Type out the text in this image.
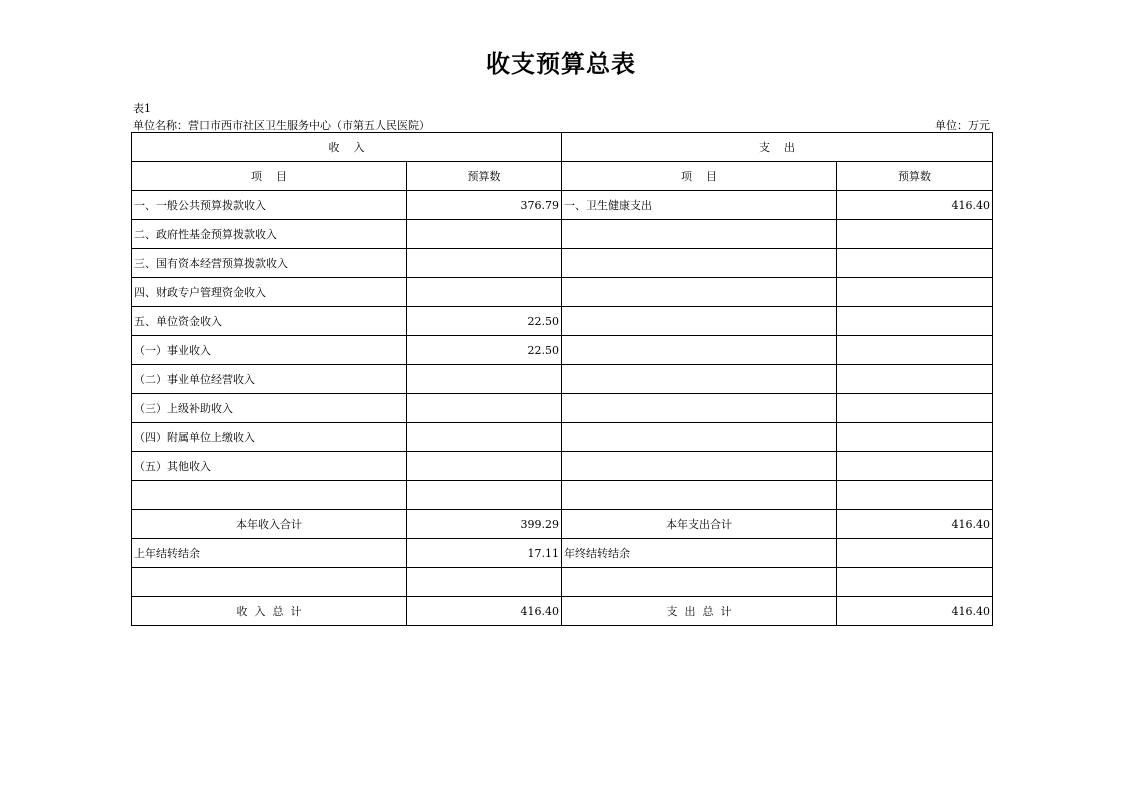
收支预算总表
表1
单位名称：营口市西市社区卫生服务中心（市第五人民医院）	单位：万元
收    入		支    出	
项    目	预算数	项    目	预算数
一、一般公共预算拨款收入	376.79	一、卫生健康支出	416.40
二、政府性基金预算拨款收入			
三、国有资本经营预算拨款收入			
四、财政专户管理资金收入			
五、单位资金收入	22.50		
（一）事业收入	22.50		
（二）事业单位经营收入			
（三）上级补助收入			
（四）附属单位上缴收入			
（五）其他收入			

本年收入合计	399.29	本年支出合计	416.40
上年结转结余	17.11	年终结转结余	

收  入  总  计	416.40	支  出  总  计	416.40
